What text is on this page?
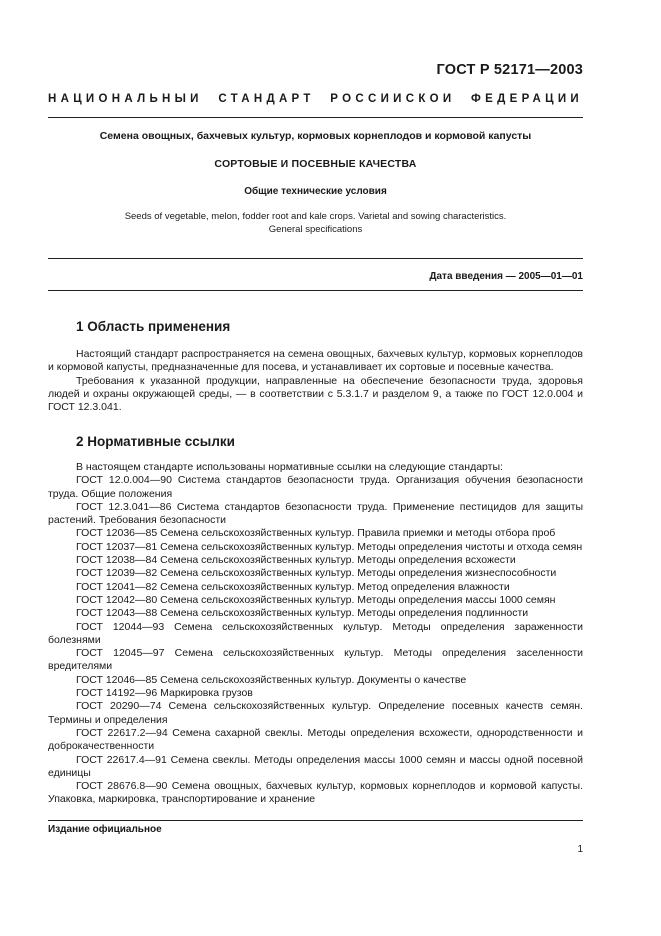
ГОСТ Р 52171—2003
НАЦИОНАЛЬНЫЙ СТАНДАРТ РОССИЙСКОЙ ФЕДЕРАЦИИ
Семена овощных, бахчевых культур, кормовых корнеплодов и кормовой капусты
СОРТОВЫЕ И ПОСЕВНЫЕ КАЧЕСТВА
Общие технические условия
Seeds of vegetable, melon, fodder root and kale crops. Varietal and sowing characteristics.
General specifications
Дата введения — 2005—01—01
1 Область применения

Настоящий стандарт распространяется на семена овощных, бахчевых культур, кормовых корнеплодов и кормовой капусты, предназначенные для посева, и устанавливает их сортовые и посевные качества.

Требования к указанной продукции, направленные на обеспечение безопасности труда, здоровья людей и охраны окружающей среды, — в соответствии с 5.3.1.7 и разделом 9, а также по ГОСТ 12.0.004 и ГОСТ 12.3.041.

2 Нормативные ссылки

В настоящем стандарте использованы нормативные ссылки на следующие стандарты:

ГОСТ 12.0.004—90 Система стандартов безопасности труда. Организация обучения безопасности труда. Общие положения

ГОСТ 12.3.041—86 Система стандартов безопасности труда. Применение пестицидов для защиты растений. Требования безопасности

ГОСТ 12036—85 Семена сельскохозяйственных культур. Правила приемки и методы отбора проб

ГОСТ 12037—81 Семена сельскохозяйственных культур. Методы определения чистоты и отхода семян

ГОСТ 12038—84 Семена сельскохозяйственных культур. Методы определения всхожести

ГОСТ 12039—82 Семена сельскохозяйственных культур. Методы определения жизнеспособности

ГОСТ 12041—82 Семена сельскохозяйственных культур. Метод определения влажности

ГОСТ 12042—80 Семена сельскохозяйственных культур. Методы определения массы 1000 семян

ГОСТ 12043—88 Семена сельскохозяйственных культур. Методы определения подлинности

ГОСТ 12044—93 Семена сельскохозяйственных культур. Методы определения зараженности болезнями

ГОСТ 12045—97 Семена сельскохозяйственных культур. Методы определения заселенности вредителями

ГОСТ 12046—85 Семена сельскохозяйственных культур. Документы о качестве

ГОСТ 14192—96 Маркировка грузов

ГОСТ 20290—74 Семена сельскохозяйственных культур. Определение посевных качеств семян. Термины и определения

ГОСТ 22617.2—94 Семена сахарной свеклы. Методы определения всхожести, однородственности и доброкачественности

ГОСТ 22617.4—91 Семена свеклы. Методы определения массы 1000 семян и массы одной посевной единицы

ГОСТ 28676.8—90 Семена овощных, бахчевых культур, кормовых корнеплодов и кормовой капусты. Упаковка, маркировка, транспортирование и хранение

Издание официальное
1
